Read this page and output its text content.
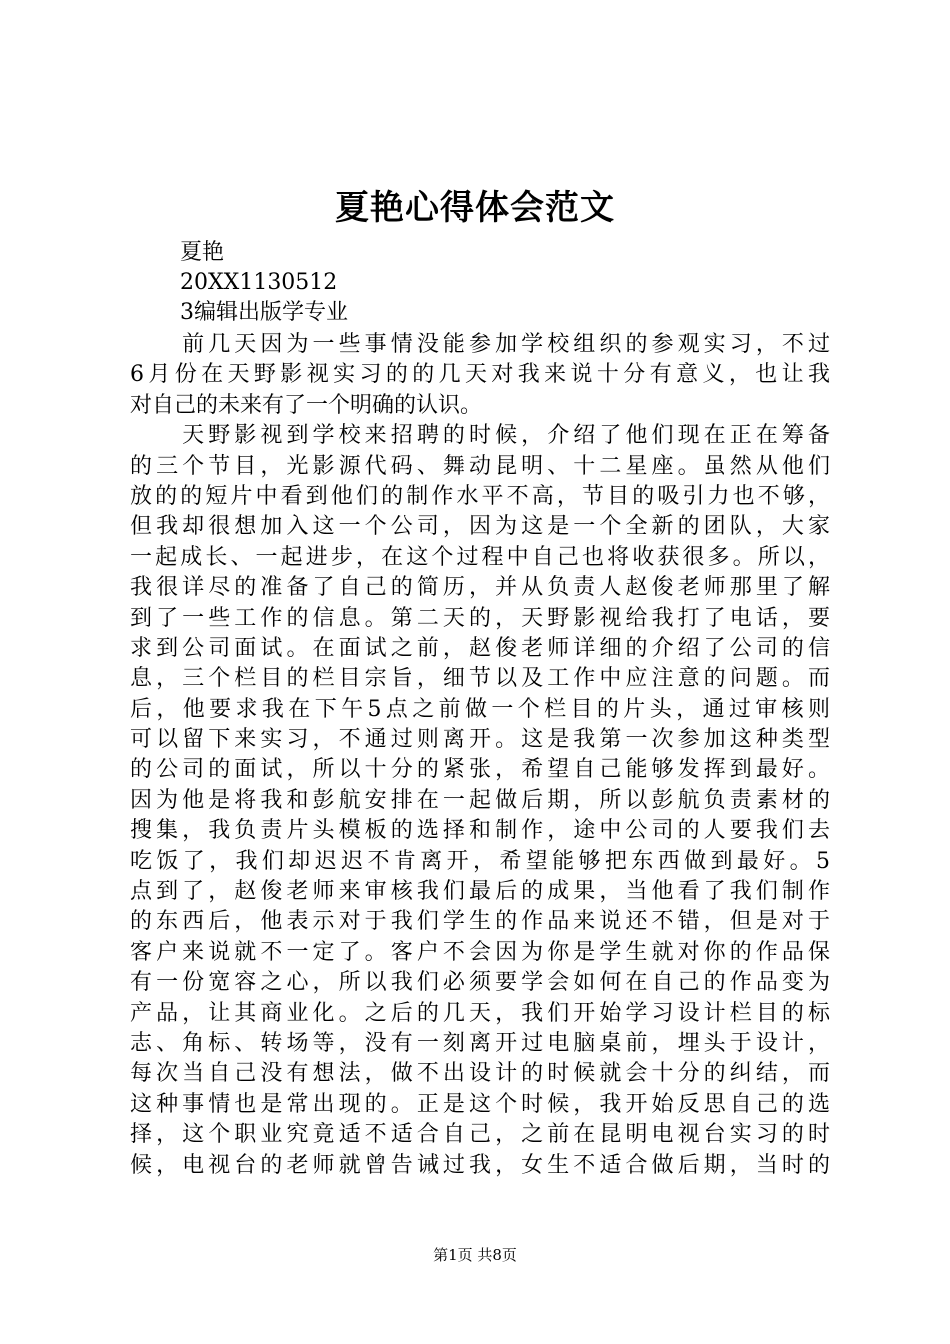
夏艳心得体会范文
夏艳
20XX1130512
3编辑出版学专业
　　前几天因为一些事情没能参加学校组织的参观实习，不过
6月份在天野影视实习的的几天对我来说十分有意义，也让我
对自己的未来有了一个明确的认识。
　　天野影视到学校来招聘的时候，介绍了他们现在正在筹备
的三个节目，光影源代码、舞动昆明、十二星座。虽然从他们
放的的短片中看到他们的制作水平不高，节目的吸引力也不够，
但我却很想加入这一个公司，因为这是一个全新的团队，大家
一起成长、一起进步，在这个过程中自己也将收获很多。所以，
我很详尽的准备了自己的简历，并从负责人赵俊老师那里了解
到了一些工作的信息。第二天的，天野影视给我打了电话，要
求到公司面试。在面试之前，赵俊老师详细的介绍了公司的信
息，三个栏目的栏目宗旨，细节以及工作中应注意的问题。而
后，他要求我在下午5点之前做一个栏目的片头，通过审核则
可以留下来实习，不通过则离开。这是我第一次参加这种类型
的公司的面试，所以十分的紧张，希望自己能够发挥到最好。
因为他是将我和彭航安排在一起做后期，所以彭航负责素材的
搜集，我负责片头模板的选择和制作，途中公司的人要我们去
吃饭了，我们却迟迟不肯离开，希望能够把东西做到最好。5
点到了，赵俊老师来审核我们最后的成果，当他看了我们制作
的东西后，他表示对于我们学生的作品来说还不错，但是对于
客户来说就不一定了。客户不会因为你是学生就对你的作品保
有一份宽容之心，所以我们必须要学会如何在自己的作品变为
产品，让其商业化。之后的几天，我们开始学习设计栏目的标
志、角标、转场等，没有一刻离开过电脑桌前，埋头于设计，
每次当自己没有想法，做不出设计的时候就会十分的纠结，而
这种事情也是常出现的。正是这个时候，我开始反思自己的选
择，这个职业究竟适不适合自己，之前在昆明电视台实习的时
候，电视台的老师就曾告诫过我，女生不适合做后期，当时的
第1页 共8页
